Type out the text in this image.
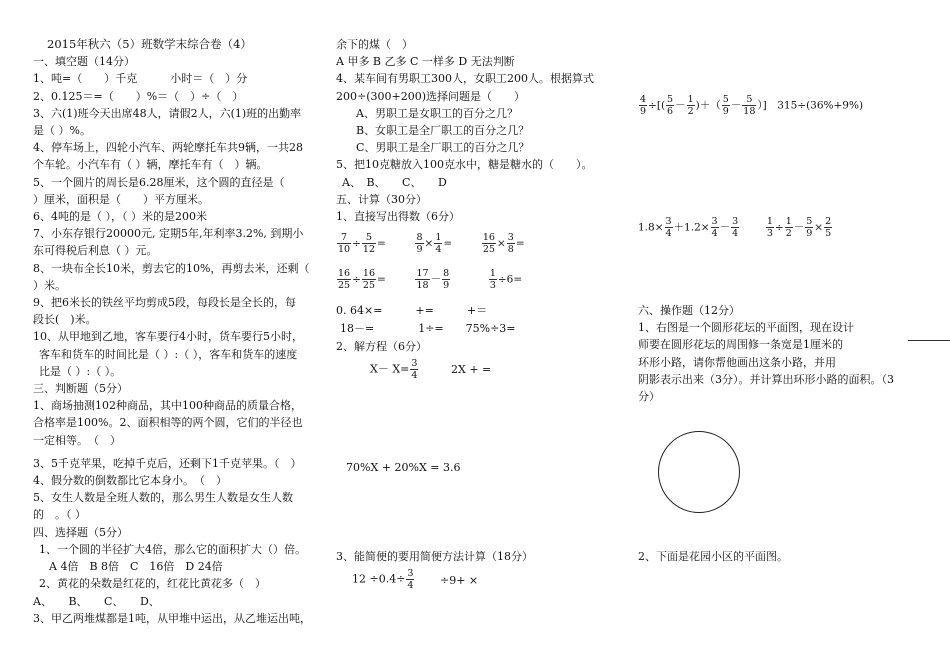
2015年秋六（5）班数学末综合卷（4）
一、填空题（14分）
1、吨=（　　）千克　　　小时＝（　）分
2、0.125＝=（　　）%＝（　）÷（　）
3、六(1)班今天出席48人，请假2人，六(1)班的出勤率
是（ ）%。
4、停车场上，四轮小汽车、两轮摩托车共9辆，一共28
个车轮。小汽车有（ ）辆，摩托车有（　）辆。
5、一个圆片的周长是6.28厘米，这个圆的直径是（
）厘米，面积是（　　）平方厘米。
6、4吨的是（ ），（ ）米的是200米
7、小东存银行20000元, 定期5年,年利率3.2%, 到期小
东可得税后利息（ ）元。
8、一块布全长10米，剪去它的10%，再剪去米，还剩（
）米。
9、把6米长的铁丝平均剪成5段，每段长是全长的，每
段长(　)米。
10、从甲地到乙地，客车要行4小时，货车要行5小时，
客车和货车的时间比是（ ）:（ ），客车和货车的速度
比是（ ）:（ ）。
三、判断题（5分）
1、商场抽测102种商品，其中100种商品的质量合格，
合格率是100%。2、面积相等的两个圆，它们的半径也
一定相等。　（　）
3、5千克苹果，吃掉千克后，还剩下1千克苹果。（　）
4、假分数的倒数都比它本身小。　（　）
5、女生人数是全班人数的，那么男生人数是女生人数
的　。（ ）
四、选择题（5分）
1、一个圆的半径扩大4倍，那么它的面积扩大（）倍。
A 4倍　B 8倍　C　16倍　D 24倍
2、黄花的朵数是红花的，红花比黄花多（　）
A、　　B、　　C、　　D、
3、甲乙两堆煤都是1吨，从甲堆中运出，从乙堆运出吨，
余下的煤（　）
A 甲多 B 乙多 C 一样多 D 无法判断
4、某车间有男职工300人，女职工200人。根据算式
200÷(300+200)选择问题是（　　）
A、男职工是女职工的百分之几？
B、女职工是全厂职工的百分之几？
C、男职工是全厂职工的百分之几？
5、把10克糖放入100克水中，糖是糖水的（　　）。
A、　B、　　C、　　D
五、计算（30分）
1、直接写出得数（6分）
$\frac{7}{10} \div \frac{5}{12}$ =	$\frac{8}{9} \times \frac{1}{4}$ =	$\frac{16}{25} \times \frac{3}{8}$ =
$\frac{16}{25} \div \frac{16}{25}$ =	$\frac{17}{18} - \frac{8}{9}$
	$\frac{1}{3} \div 6=$
0. 64×=　　　+=　　　+＝
18－=　　　　1÷=　　75%÷3=
2、解方程（6分）
$X- X= \frac{3}{4}$	2X + =
70%X + 20%X = 3.6
3、能简便的要用简便方法计算（18分）
$12 \div 0.4\div \frac{3}{4} \div 9+$ ×
$\frac{4}{9}$ ÷[( $\frac{5}{6} - \frac{1}{2}$ )＋（ $\frac{5}{9} - \frac{5}{18}$ ）]　315÷(36%+9%)
$1.8\times \frac{3}{4} +1.2\times \frac{3}{4} - \frac{3}{4}$
	$\frac{1}{3} \div \frac{1}{2} - \frac{5}{9} \times \frac{2}{5}$
六、操作题（12分）
1、右图是一个圆形花坛的平面图，现在设计
师要在圆形花坛的周围修一条宽是1厘米的
环形小路，请你帮他画出这条小路，并用
阴影表示出来（3分）。并计算出环形小路的面积。（3
分）
2、下面是花园小区的平面图。
